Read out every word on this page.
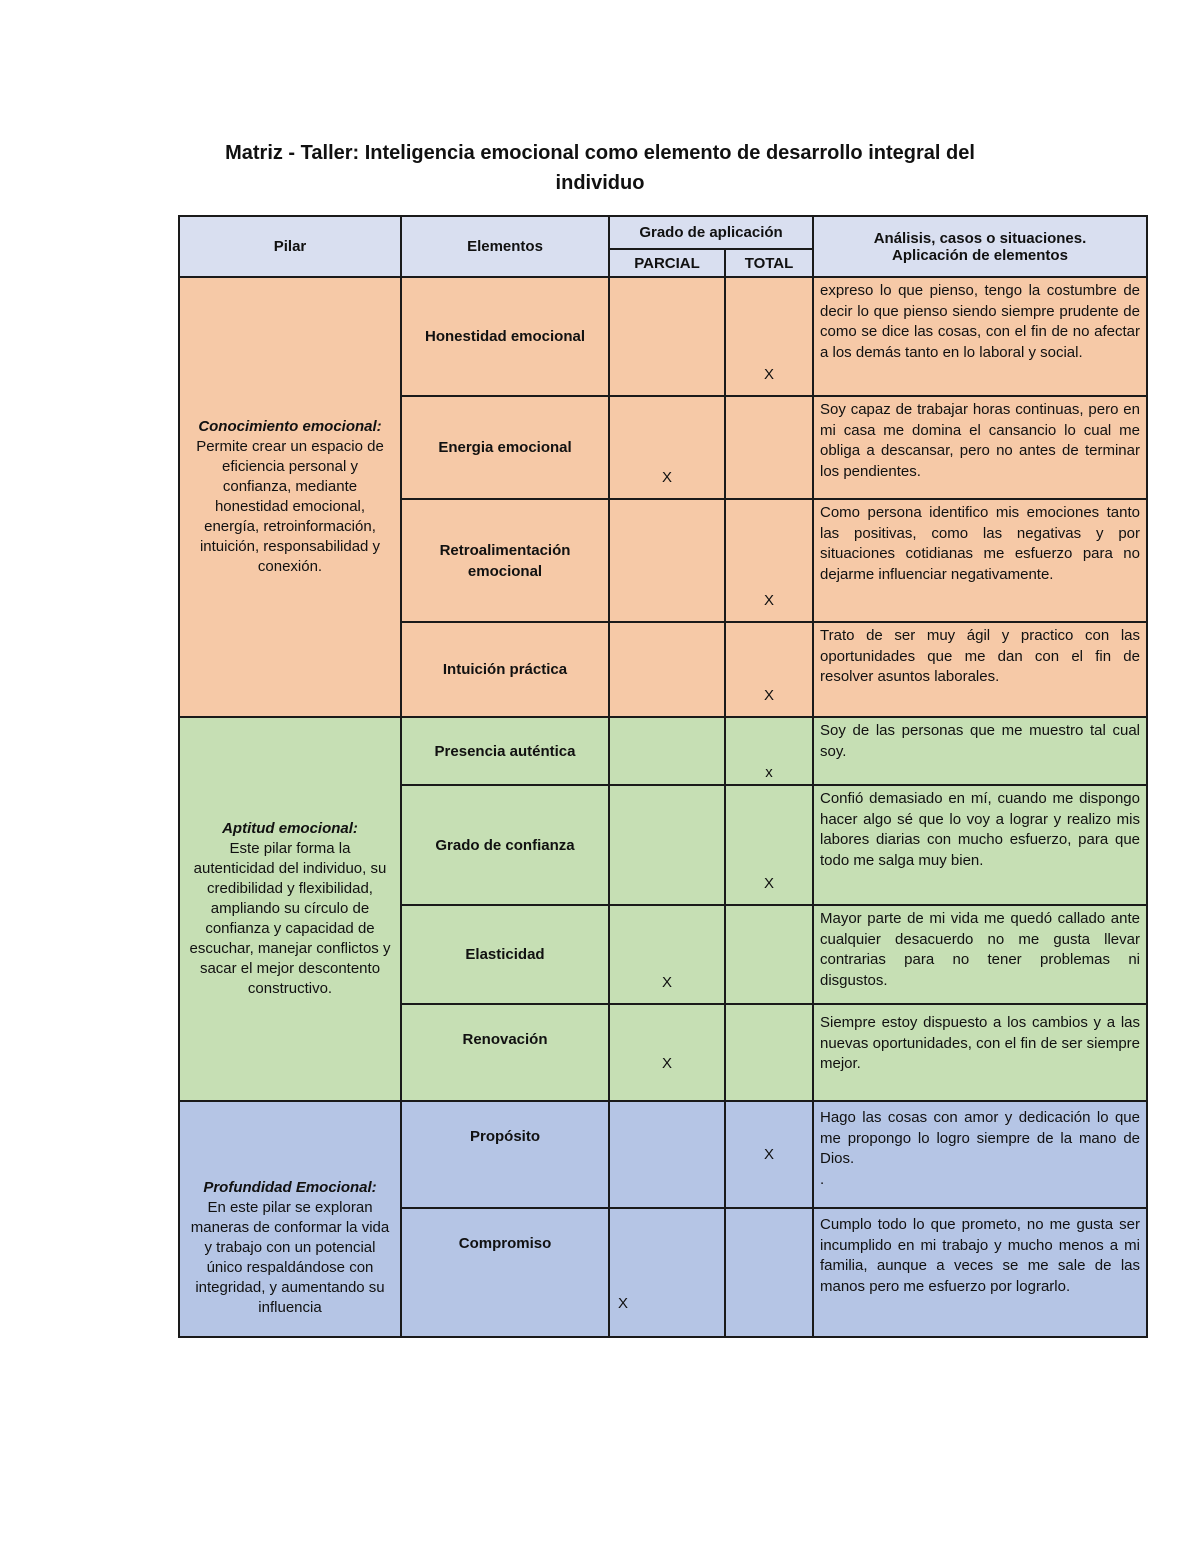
Matriz - Taller: Inteligencia emocional como elemento de desarrollo integral del
individuo
Pilar	Elementos	Grado de aplicación		Análisis, casos o situaciones.
Aplicación de elementos

		PARCIAL	TOTAL	

Conocimiento emocional:
Permite crear un espacio de eficiencia personal y confianza, mediante honestidad emocional, energía, retroinformación, intuición, responsabilidad y conexión.	Honestidad emocional		X	expreso lo que pienso, tengo la costumbre de decir lo que pienso siendo siempre prudente de como se dice las cosas, con el fin de no afectar a los demás tanto en lo laboral y social.
	Energia emocional	X		Soy capaz de trabajar horas continuas, pero en mi casa me domina el cansancio lo cual me obliga a descansar, pero no antes de terminar los pendientes.
	Retroalimentación emocional		X	Como persona identifico mis emociones tanto las positivas, como las negativas y por situaciones cotidianas me esfuerzo para no dejarme influenciar negativamente.
	Intuición práctica		X	Trato de ser muy ágil y practico con las oportunidades que me dan con el fin de resolver asuntos laborales.

Aptitud emocional:
Este pilar forma la autenticidad del individuo, su credibilidad y flexibilidad, ampliando su círculo de confianza y capacidad de escuchar, manejar conflictos y sacar el mejor descontento constructivo.	Presencia auténtica		x	Soy de las personas que me muestro tal cual soy.
	Grado de confianza		X	Confió demasiado en mí, cuando me dispongo hacer algo sé que lo voy a lograr y realizo mis labores diarias con mucho esfuerzo, para que todo me salga muy bien.
	Elasticidad	X		Mayor parte de mi vida me quedó callado ante cualquier desacuerdo no me gusta llevar contrarias para no tener problemas ni disgustos.
	Renovación	X		Siempre estoy dispuesto a los cambios y a las nuevas oportunidades, con el fin de ser siempre mejor.

Profundidad Emocional:
En este pilar se exploran maneras de conformar la vida y trabajo con un potencial único respaldándose con integridad, y aumentando su influencia	Propósito		X	Hago las cosas con amor y dedicación lo que me propongo lo logro siempre de la mano de Dios.
.

	Compromiso	X		Cumplo todo lo que prometo, no me gusta ser incumplido en mi trabajo y mucho menos a mi familia, aunque a veces se me sale de las manos pero me esfuerzo por lograrlo.
